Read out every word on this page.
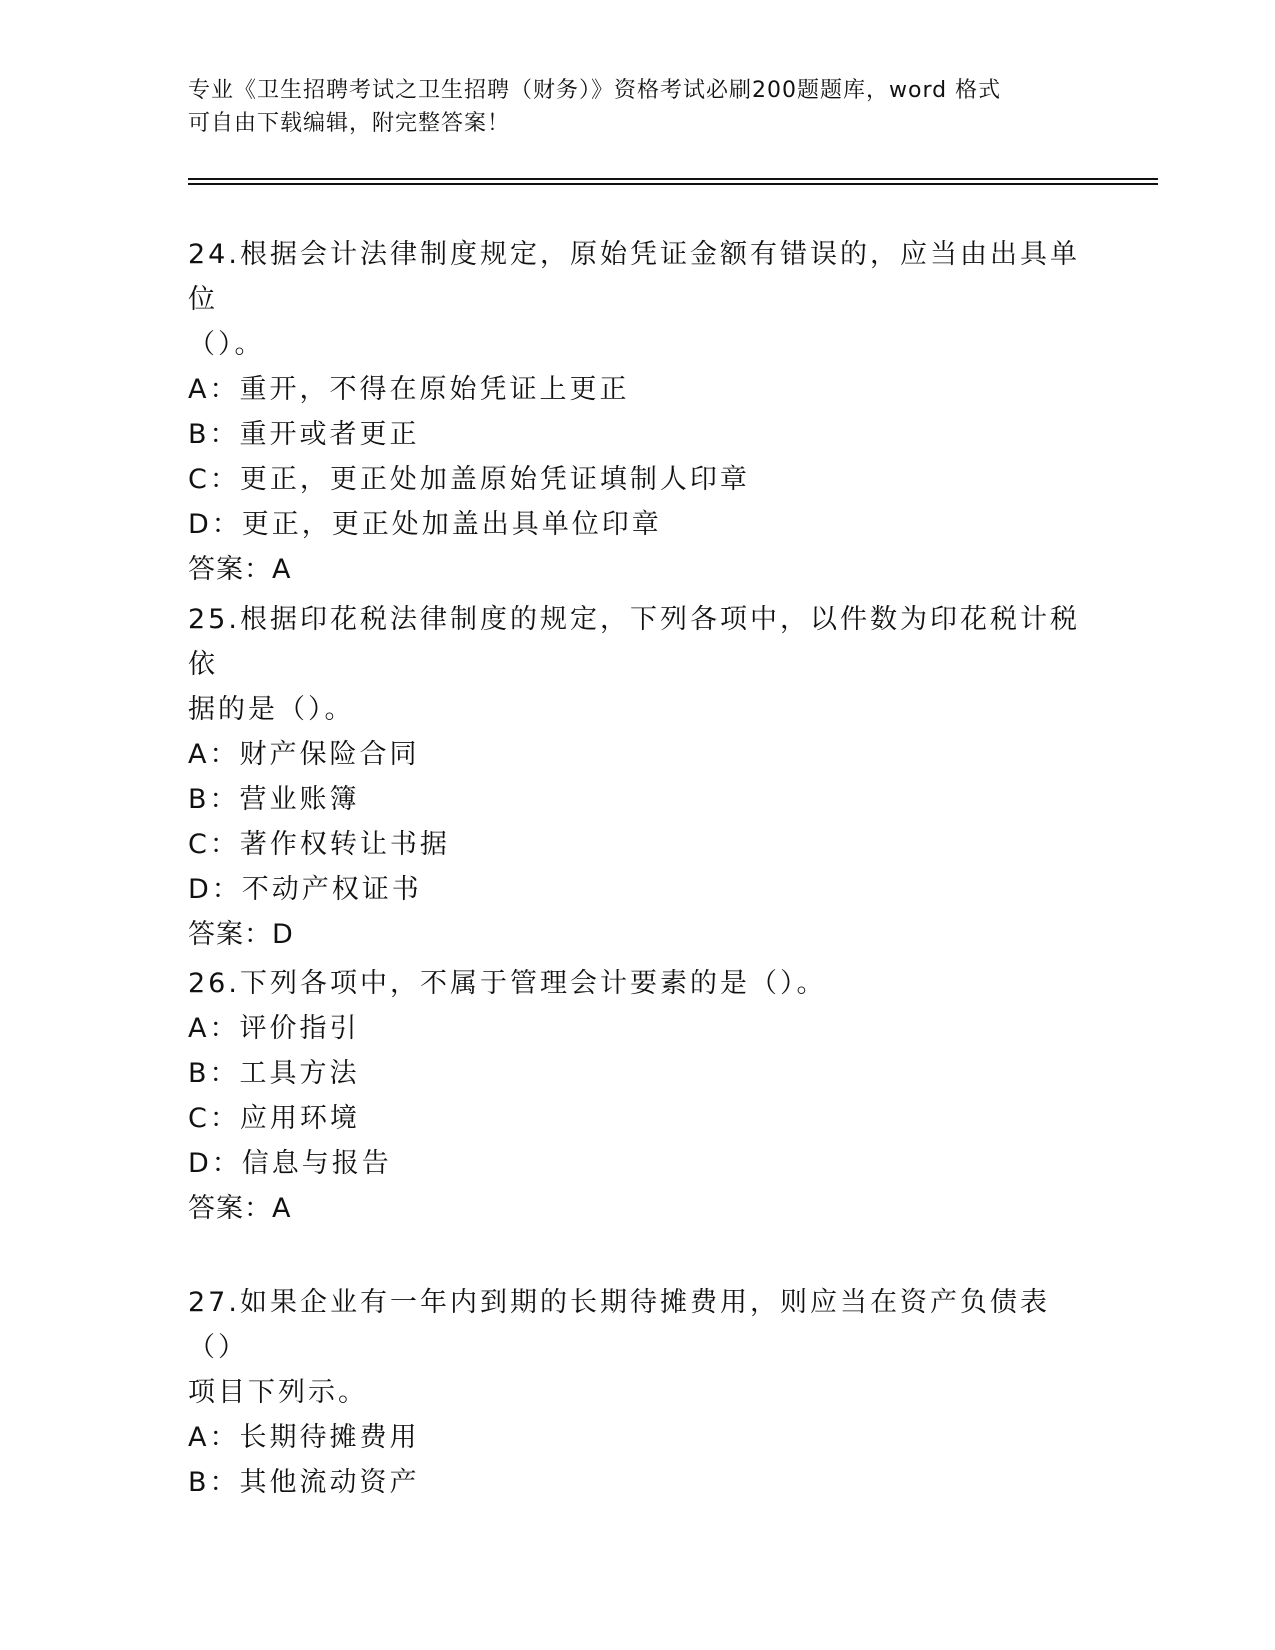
专业《卫生招聘考试之卫生招聘（财务）》资格考试必刷200题题库，word 格式
可自由下载编辑，附完整答案！

24.根据会计法律制度规定，原始凭证金额有错误的，应当由出具单位

（）。

A：重开，不得在原始凭证上更正

B：重开或者更正

C：更正，更正处加盖原始凭证填制人印章

D：更正，更正处加盖出具单位印章

答案：A

25.根据印花税法律制度的规定，下列各项中，以件数为印花税计税依

据的是（）。

A：财产保险合同

B：营业账簿

C：著作权转让书据

D：不动产权证书

答案：D

26.下列各项中，不属于管理会计要素的是（）。

A：评价指引

B：工具方法

C：应用环境

D：信息与报告

答案：A

27.如果企业有一年内到期的长期待摊费用，则应当在资产负债表（）

项目下列示。

A：长期待摊费用

B：其他流动资产
